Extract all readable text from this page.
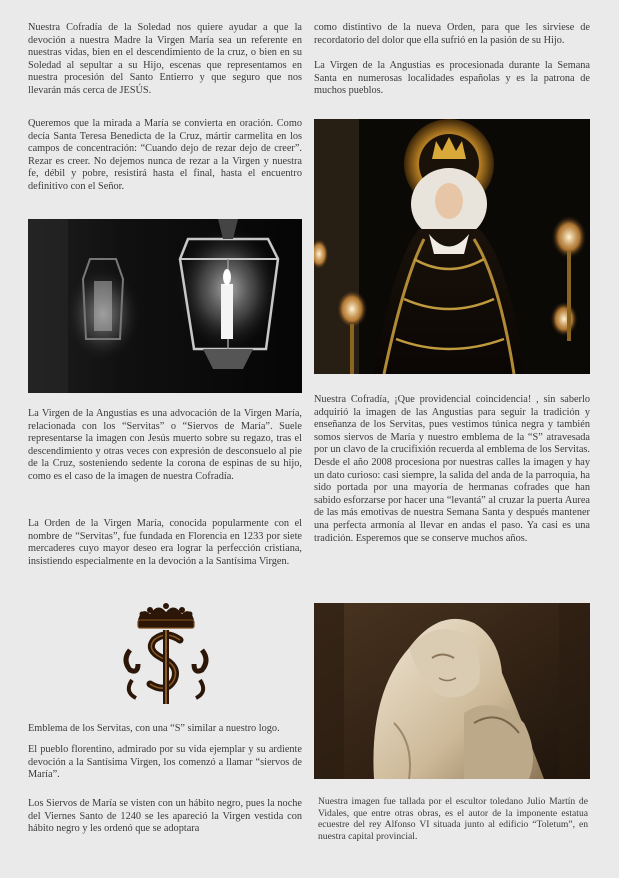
Nuestra Cofradía de la Soledad nos quiere ayudar a que la devoción a nuestra Madre la Virgen María sea un referente en nuestras vidas, bien en el descendimiento de la cruz, o bien en su Soledad al sepultar a su Hijo, escenas que representamos en nuestra procesión del Santo Entierro y que seguro que nos llevarán más cerca de JESÚS.

Queremos que la mirada a María se convierta en oración. Como decía Santa Teresa Benedicta de la Cruz, mártir carmelita en los campos de concentración: “Cuando dejo de rezar dejo de creer”. Rezar es creer. No dejemos nunca de rezar a la Virgen y nuestra fe, débil y pobre, resistirá hasta el final, hasta el encuentro definitivo con el Señor.

La Virgen de la Angustias es una advocación de la Virgen María, relacionada con los “Servitas” o “Siervos de María”. Suele representarse la imagen con Jesús muerto sobre su regazo, tras el descendimiento y otras veces con expresión de desconsuelo al pie de la Cruz, sosteniendo sedente la corona de espinas de su hijo, como es el caso de la imagen de nuestra Cofradía.

La Orden de la Virgen María, conocida popularmente con el nombre de “Servitas”, fue fundada en Florencia en 1233 por siete mercaderes cuyo mayor deseo era lograr la perfección cristiana, insistiendo especialmente en la devoción a la Santísima Virgen.

Emblema de los Servitas, con una “S” similar a nuestro logo.

El pueblo florentino, admirado por su vida ejemplar y su ardiente devoción a la Santísima Virgen, los comenzó a llamar “siervos de María”.

Los Siervos de María se visten con un hábito negro, pues la noche del Viernes Santo de 1240 se les apareció la Virgen vestida con hábito negro y les ordenó que se adoptara

como distintivo de la nueva Orden, para que les sirviese de recordatorio del dolor que ella sufrió en la pasión de su Hijo.

La Virgen de la Angustias es procesionada durante la Semana Santa en numerosas localidades españolas y es la patrona de muchos pueblos.

Nuestra Cofradía, ¡Que providencial coincidencia! , sin saberlo adquirió la imagen de las Angustias para seguir la tradición y enseñanza de los Servitas, pues vestimos túnica negra y también somos siervos de María y nuestro emblema de la “S” atravesada por un clavo de la crucifixión recuerda al emblema de los Servitas. Desde el año 2008 procesiona por nuestras calles la imagen y hay un dato curioso: casi siempre, la salida del anda de la parroquia, ha sido portada por una mayoría de hermanas cofrades que han sabido esforzarse por hacer una “levantá” al cruzar la puerta Aurea de las más emotivas de nuestra Semana Santa y después mantener una perfecta armonía al llevar en andas el paso. Ya casi es una tradición. Esperemos que se conserve muchos años.

Nuestra imagen fue tallada por el escultor toledano Julio Martín de Vidales, que entre otras obras, es el autor de la imponente estatua ecuestre del rey Alfonso VI situada junto al edificio “Toletum”, en nuestra capital provincial.
